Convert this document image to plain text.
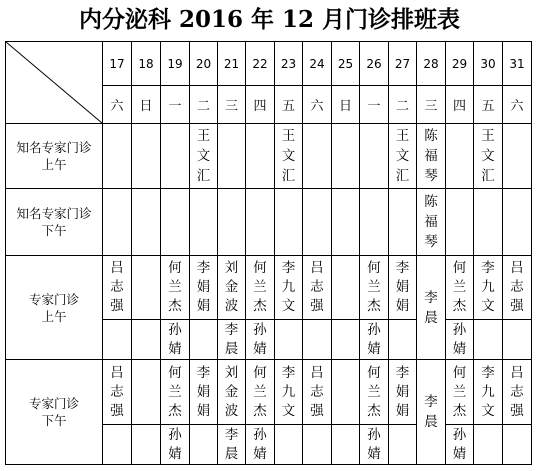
内分泌科 2016 年 12 月门诊排班表
	17	18	19	20	21	22	23	24	25	26	27	28	29	30	31
	六	日	一	二	三	四	五	六	日	一	二	三	四	五	六

知名专家门诊
上午				王文汇			王文汇				王文汇	陈福琴		王文汇	

知名专家门诊
下午												陈福琴			

专家门诊
上午	吕志强		何兰杰	李娟娟	刘金波	何兰杰	李九文	吕志强		何兰杰	李娟娟	李晨	何兰杰	李九文	吕志强
			孙婧		李晨	孙婧				孙婧			孙婧		

专家门诊
下午	吕志强		何兰杰	李娟娟	刘金波	何兰杰	李九文	吕志强		何兰杰	李娟娟	李晨	何兰杰	李九文	吕志强
			孙婧		李晨	孙婧				孙婧			孙婧		
